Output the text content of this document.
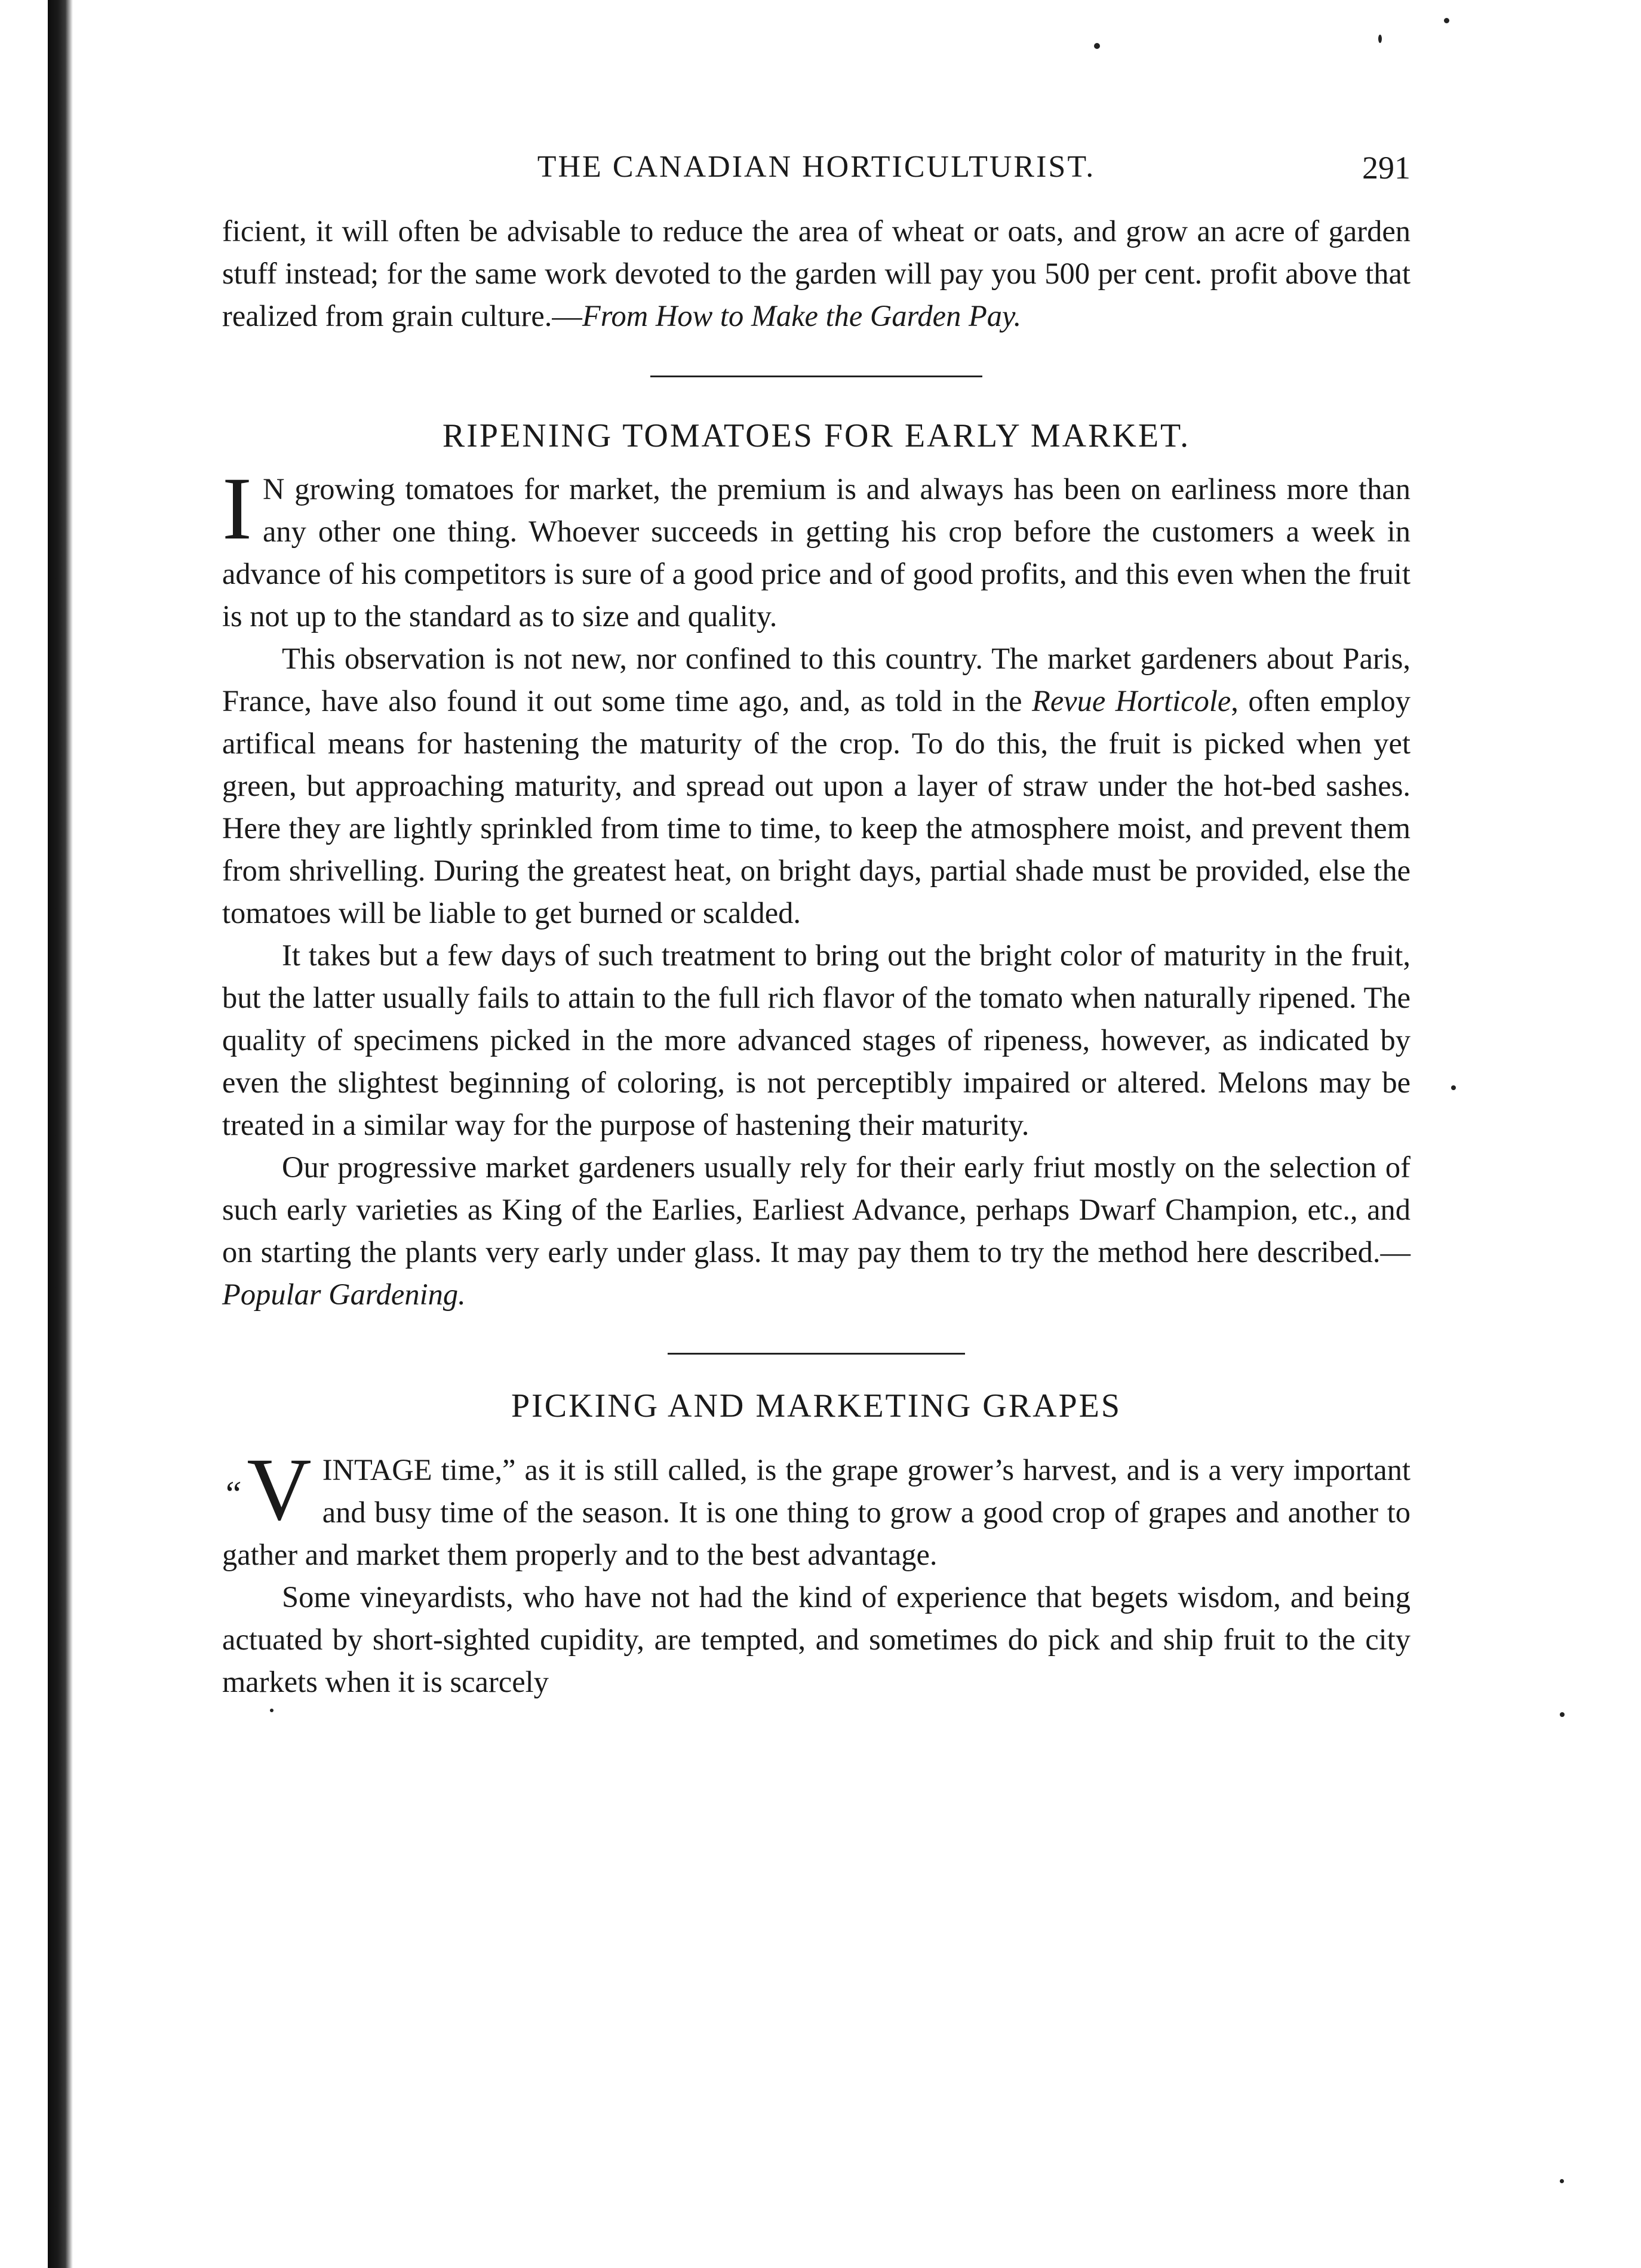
THE CANADIAN HORTICULTURIST.	291

ficient, it will often be advisable to reduce the area of wheat or oats, and grow an acre of garden stuff instead; for the same work devoted to the garden will pay you 500 per cent. profit above that realized from grain culture.—From How to Make the Garden Pay.

RIPENING TOMATOES FOR EARLY MARKET.

I N growing tomatoes for market, the premium is and always has been on earliness more than any other one thing. Whoever succeeds in getting his crop before the customers a week in advance of his competitors is sure of a good price and of good profits, and this even when the fruit is not up to the standard as to size and quality.

This observation is not new, nor confined to this country. The market gardeners about Paris, France, have also found it out some time ago, and, as told in the Revue Horticole, often employ artifical means for hastening the maturity of the crop. To do this, the fruit is picked when yet green, but approaching maturity, and spread out upon a layer of straw under the hot-bed sashes. Here they are lightly sprinkled from time to time, to keep the atmosphere moist, and prevent them from shrivelling. During the greatest heat, on bright days, partial shade must be provided, else the tomatoes will be liable to get burned or scalded.

It takes but a few days of such treatment to bring out the bright color of maturity in the fruit, but the latter usually fails to attain to the full rich flavor of the tomato when naturally ripened. The quality of specimens picked in the more advanced stages of ripeness, however, as indicated by even the slightest beginning of coloring, is not perceptibly impaired or altered. Melons may be treated in a similar way for the purpose of hastening their maturity.

Our progressive market gardeners usually rely for their early friut mostly on the selection of such early varieties as King of the Earlies, Earliest Advance, perhaps Dwarf Champion, etc., and on starting the plants very early under glass. It may pay them to try the method here described.—Popular Gardening.

PICKING AND MARKETING GRAPES

“ V INTAGE time,” as it is still called, is the grape grower’s harvest, and is a very important and busy time of the season. It is one thing to grow a good crop of grapes and another to gather and market them properly and to the best advantage.

Some vineyardists, who have not had the kind of experience that begets wisdom, and being actuated by short-sighted cupidity, are tempted, and sometimes do pick and ship fruit to the city markets when it is scarcely
